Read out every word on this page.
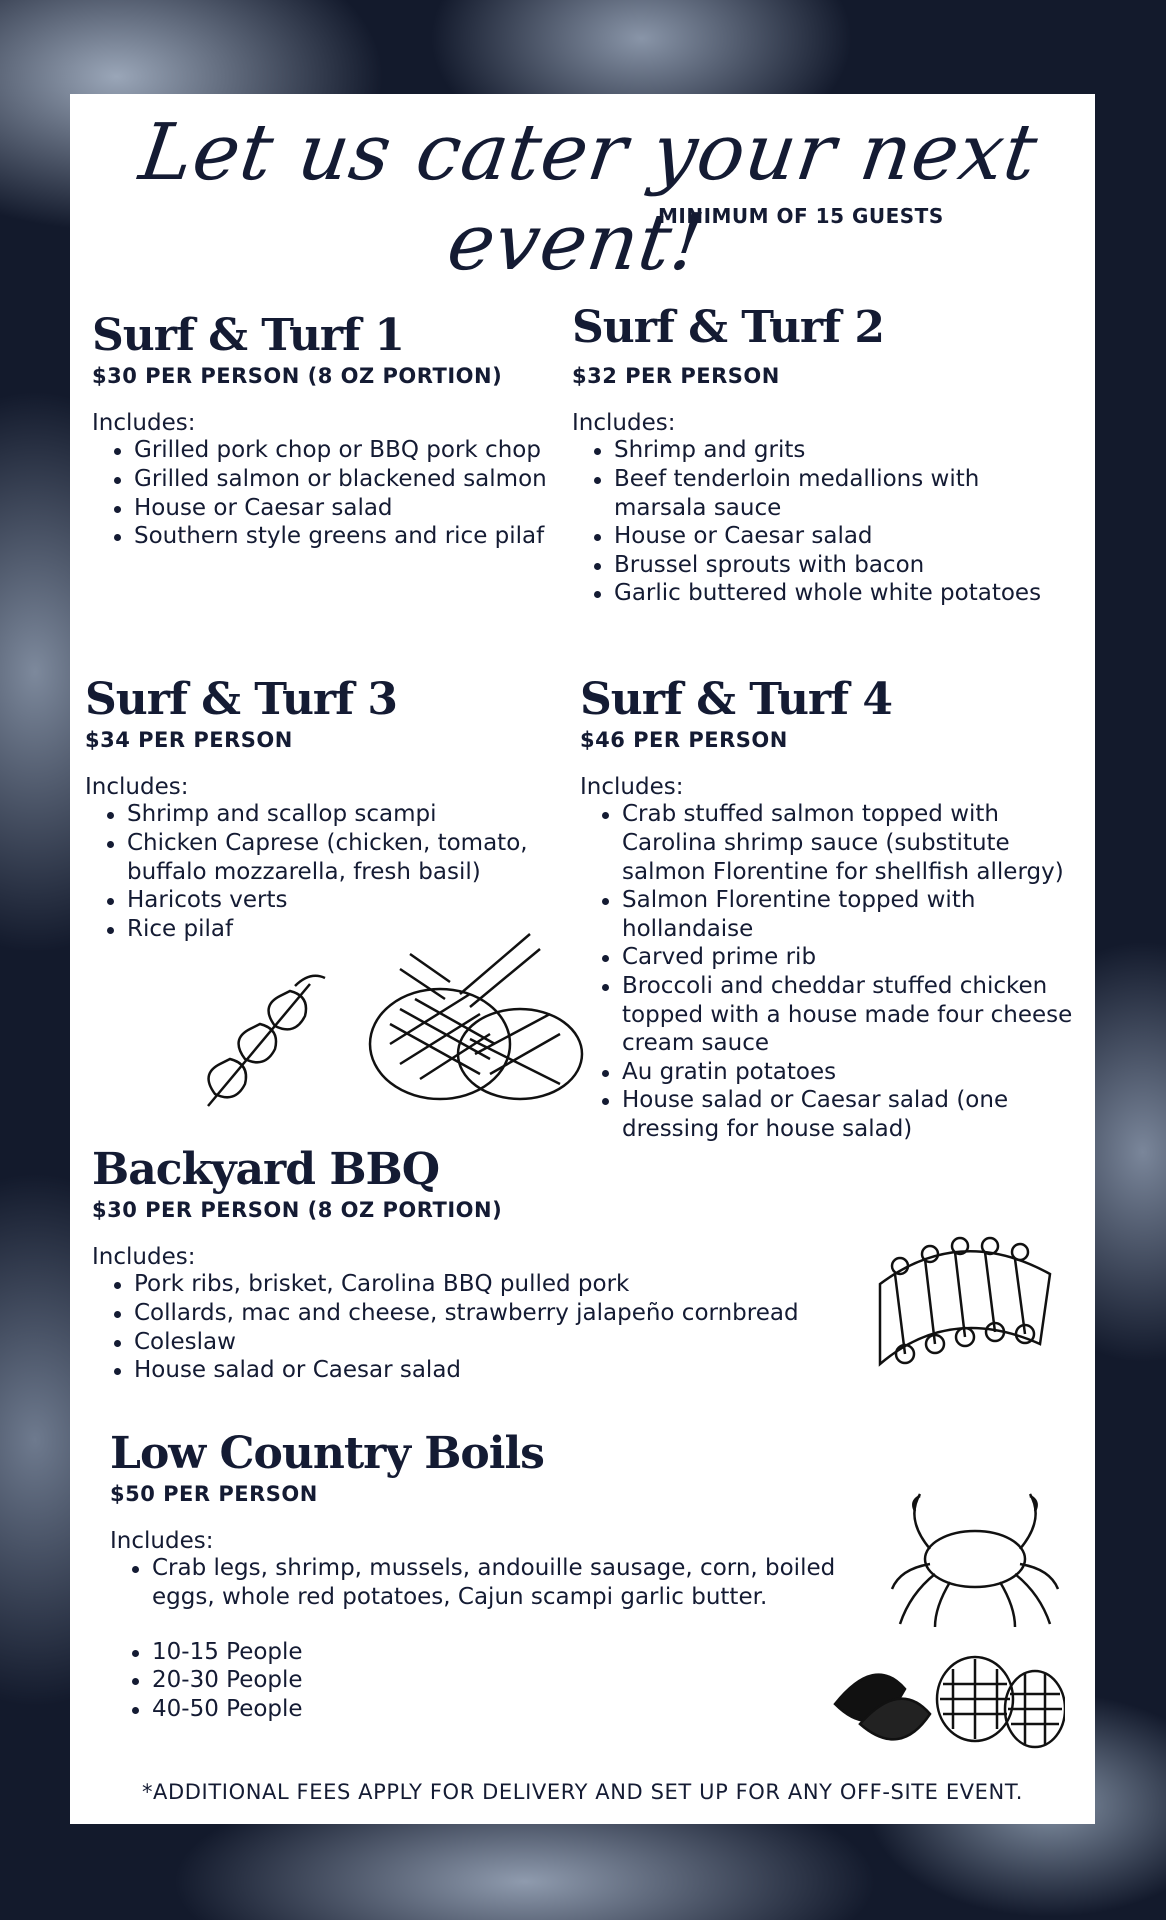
Let us cater your next event!
MINIMUM OF 15 GUESTS
Surf & Turf 1
$30 PER PERSON (8 OZ PORTION)
Includes:
Grilled pork chop or BBQ pork chop
Grilled salmon or blackened salmon
House or Caesar salad
Southern style greens and rice pilaf
Surf & Turf 2
$32 PER PERSON
Includes:
Shrimp and grits
Beef tenderloin medallions with marsala sauce
House or Caesar salad
Brussel sprouts with bacon
Garlic buttered whole white potatoes
Surf & Turf 3
$34 PER PERSON
Includes:
Shrimp and scallop scampi
Chicken Caprese (chicken, tomato, buffalo mozzarella, fresh basil)
Haricots verts
Rice pilaf
Surf & Turf 4
$46 PER PERSON
Includes:
Crab stuffed salmon topped with Carolina shrimp sauce (substitute salmon Florentine for shellfish allergy)
Salmon Florentine topped with hollandaise
Carved prime rib
Broccoli and cheddar stuffed chicken topped with a house made four cheese cream sauce
Au gratin potatoes
House salad or Caesar salad (one dressing for house salad)
Backyard BBQ
$30 PER PERSON (8 OZ PORTION)
Includes:
Pork ribs, brisket, Carolina BBQ pulled pork
Collards, mac and cheese, strawberry jalapeño cornbread
Coleslaw
House salad or Caesar salad
Low Country Boils
$50 PER PERSON
Includes:
Crab legs, shrimp, mussels, andouille sausage, corn, boiled eggs, whole red potatoes, Cajun scampi garlic butter.
10-15 People
20-30 People
40-50 People
*ADDITIONAL FEES APPLY FOR DELIVERY AND SET UP FOR ANY OFF-SITE EVENT.
